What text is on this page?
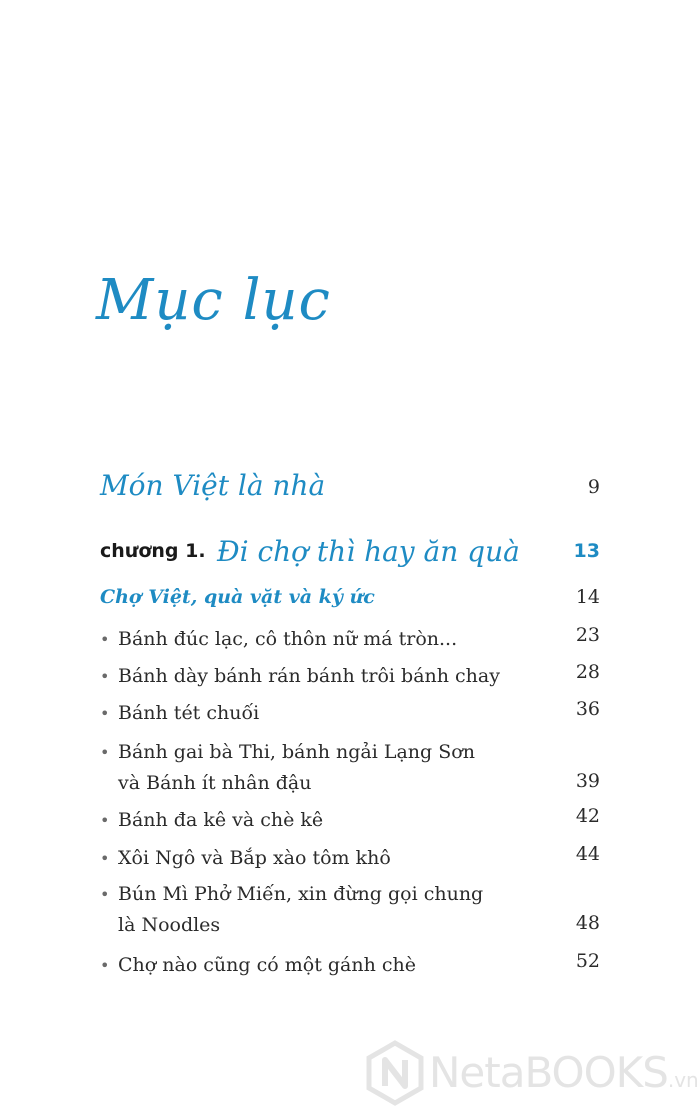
Mục lục
Món Việt là nhà	9
chương 1. Đi chợ thì hay ăn quà	13
Chợ Việt, quà vặt và ký ức	14
• Bánh đúc lạc, cô thôn nữ má tròn...	23
• Bánh dày bánh rán bánh trôi bánh chay	28
• Bánh tét chuối	36
• Bánh gai bà Thi, bánh ngải Lạng Sơn
và Bánh ít nhân đậu	39
• Bánh đa kê và chè kê	42
• Xôi Ngô và Bắp xào tôm khô	44
• Bún Mì Phở Miến, xin đừng gọi chung
là Noodles	48
• Chợ nào cũng có một gánh chè	52
NetaBOOKS.vn
